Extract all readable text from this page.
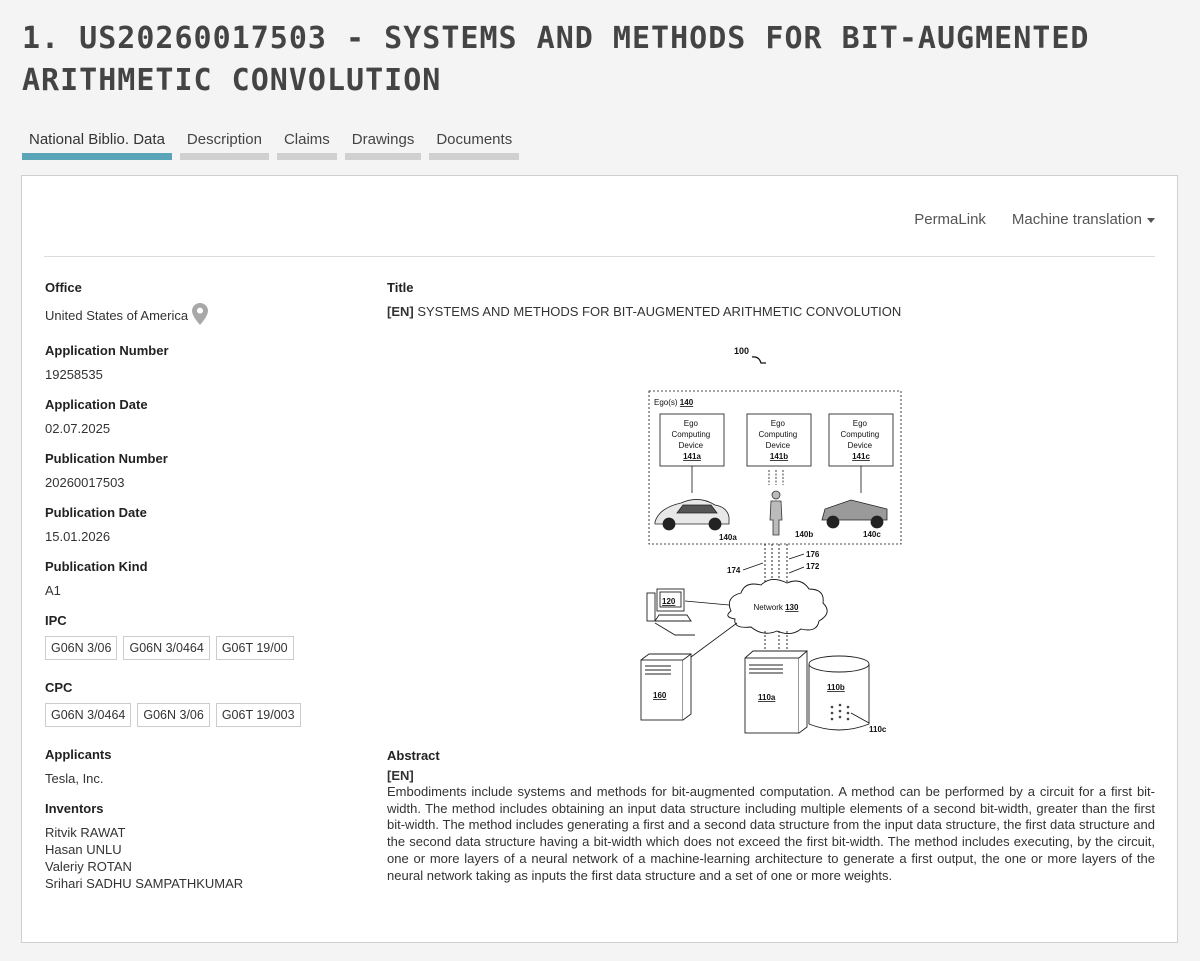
1. US20260017503 - SYSTEMS AND METHODS FOR BIT-AUGMENTED ARITHMETIC CONVOLUTION
National Biblio. Data	Description	Claims	Drawings	Documents
PermaLink Machine translation
Office
United States of America
Application Number
19258535
Application Date
02.07.2025
Publication Number
20260017503
Publication Date
15.01.2026
Publication Kind
A1
IPC
G06N 3/06	G06N 3/0464	G06T 19/00
CPC
G06N 3/0464	G06N 3/06	G06T 19/003
Applicants
Tesla, Inc.
Inventors
Ritvik RAWAT
Hasan UNLU
Valeriy ROTAN
Srihari SADHU SAMPATHKUMAR
Title
[EN] SYSTEMS AND METHODS FOR BIT-AUGMENTED ARITHMETIC CONVOLUTION
100
Ego(s) 140
Ego Computing Device 141a
Ego Computing Device 141b
Ego Computing Device 141c
140a	140b	140c
176
174	172
Network 130
120
160	110a
110b
110c
Abstract
[EN]
Embodiments include systems and methods for bit-augmented computation. A method can be performed by a circuit for a first bit-width. The method includes obtaining an input data structure including multiple elements of a second bit-width, greater than the first bit-width. The method includes generating a first and a second data structure from the input data structure, the first data structure and the second data structure having a bit-width which does not exceed the first bit-width. The method includes executing, by the circuit, one or more layers of a neural network of a machine-learning architecture to generate a first output, the one or more layers of the neural network taking as inputs the first data structure and a set of one or more weights.
